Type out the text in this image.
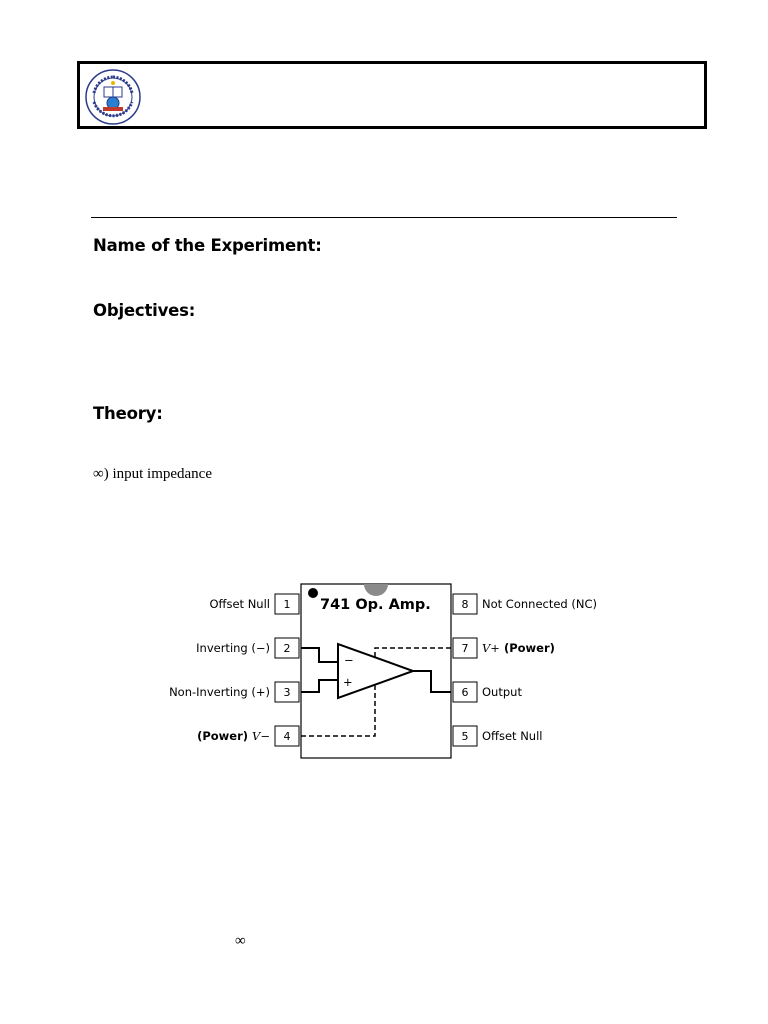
Name of the Experiment:
Objectives:
Theory:
∞) input impedance
741 Op. Amp.
1
2
3
4	5
6
7
8
Offset Null
Inverting (−)
Non-Inverting (+)
(Power) V−
Not Connected (NC)
V+ (Power)
Output
Offset Null
−
+
∞
